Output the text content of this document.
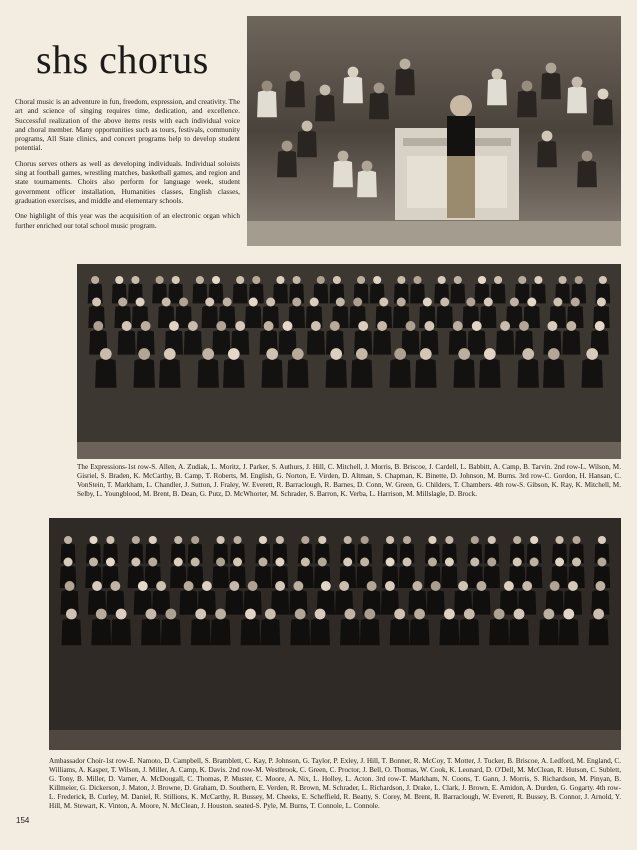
shs chorus

Choral music is an adventure in fun, freedom, expression, and creativity. The art and science of singing requires time, dedication, and excellence. Successful realization of the above items rests with each individual voice and choral member. Many opportunities such as tours, festivals, community programs, All State clinics, and concert programs help to develop student potential.

Chorus serves others as well as developing individuals. Individual soloists sing at football games, wrestling matches, basketball games, and region and state tournaments. Choirs also perform for language week, student government officer installation, Humanities classes, English classes, graduation exercises, and middle and elementary schools.

One highlight of this year was the acquisition of an electronic organ which further enriched our total school music program.

The Expressions-1st row-S. Allen, A. Zudiak, L. Moritz, J. Parker, S. Authurs, J. Hill, C. Mitchell, J. Morris, B. Briscoe, J. Cardell, L. Babbitt, A. Camp, B. Tarvin. 2nd row-L. Wilson, M. Gisriel, S. Braden, K. McCarthy, B. Camp, T. Roberts, M. English, G. Norton, E. Virden, D. Altman, S. Chapman, K. Binette, D. Johnson, M. Burns. 3rd row-C. Gordon, H. Hansan, C. VonStein, T. Markham, L. Chandler, J. Sutton, J. Fraley, W. Everett, R. Barraclough, R. Barnes, D. Conn, W. Green, G. Childers, T. Chambers. 4th row-S. Gibson, K. Ray, K. Mitchell, M. Selby, L. Youngblood, M. Brent, B. Dean, G. Putz, D. McWhorter, M. Schrader, S. Barron, K. Verba, L. Harrison, M. Millslagle, D. Brock.
Ambassador Choir-1st row-E. Namoto, D. Campbell, S. Bramblett, C. Kay, P. Johnson, G. Taylor, P. Exley, J. Hill, T. Bonner, R. McCoy, T. Motter, J. Tucker, B. Briscoe, A. Ledford, M. England, C. Williams, A. Kasper, T. Wilson, J. Miller, A. Camp, K. Davis. 2nd row-M. Westbrook, C. Green, C. Proctor, J. Bell, O. Thomas, W. Cook, K. Leonard, D. O'Dell, M. McClean, R. Hutson, C. Sublett, G. Tony, B. Miller, D. Varner, A. McDougall, C. Thomas, P. Muster, C. Moore, A. Nix, L. Holley, L. Acton. 3rd row-T. Markham, N. Coons, T. Gann, J. Morris, S. Richardson, M. Pinyan, B. Killmeier, G. Dickerson, J. Maton, J. Browne, D. Graham, D. Southern, E. Verden, R. Brown, M. Schrader, L. Richardson, J. Drake, L. Clark, J. Brown, E. Amidon, A. Durden, G. Gogarty. 4th row-L. Frederick, B. Curley, M. Daniel, R. Stillions, K. McCarthy, R. Bussey, M. Cheeks, E. Scheffield, R. Beatty, S. Corey, M. Brent, R. Barraclough, W. Everett, R. Bussey, B. Connor, J. Arnold, Y. Hill, M. Stewart, K. Vinton, A. Moore, N. McClean, J. Houston. seated-S. Pyle, M. Burns, T. Connole, L. Connole.
154
